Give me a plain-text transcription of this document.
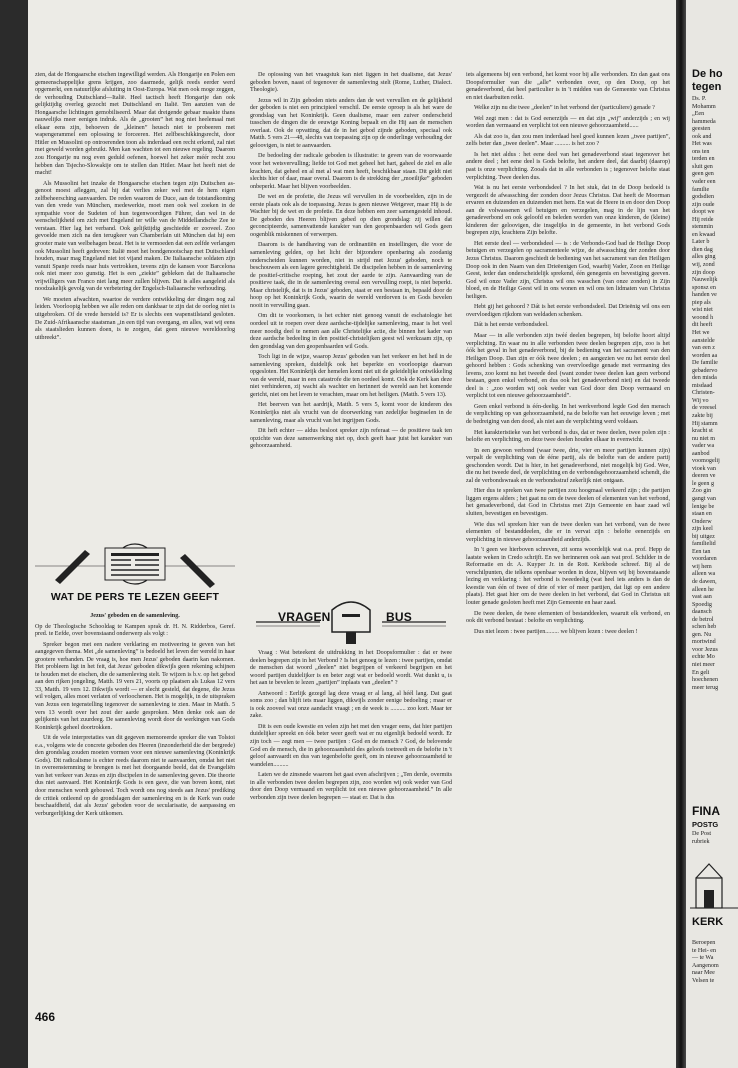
zien, dat de Hongaarsche eischen ingewilligd werden. Als Hongarije en Polen een gemeenschappelijke grens krijgen, zoo daarmede, gelijk reeds eerder werd opgemerkt, een natuurlijke afsluiting in Oost-Europa. Wat men ook moge zeggen, de verhouding Duitschland—Italië. Heel tactisch heeft Hongarije dan ook gelijktijdig overleg gezocht met Duitschland en Italië. Ten aanzien van de Hongaarsche lichtingen gemobiliseerd. Maar dat dreigende gebaar maakte thans nauwelijks meer eenigen indruk. Als de „grooten” het nog niet heelemaal met elkaar eens zijn, behoeven de „kleinen” heusch niet te probeeren met wapengerammel een oplossing te forceeren. Het zelfbeschikkingsrecht, door Hitler en Mussolini op ontroerenden toon als inderdaad een recht erkend, zal niet met geweld worden gebruikt. Men kan wachten tot een nieuwe regeling. Daarom zou Hongarije nu nog even geduld oefenen, hoewel het zeker méér recht zou hebben dan Tsjecho-Slowakije om te stellen dan Hitler. Maar het heeft niet de macht!

Als Mussolini het inzake de Hongaarsche eischen tegen zijn Duitschen as-genoot moest afleggen, zal hij dat verlies zeker wel met de hem eigen zelfbeheersching aanvaarden. De reden waarom de Duce, aan de totstandkoming van den vrede van München, medewerkte, moet men ook wel zoeken in de sympathie voor de Sudeten of hun tegenwoordigen Führer, dan wel in de wenschelijkheid om zich met Engeland ter wille van de Middellandsche Zee te verstaan. Hier lag het verband. Ook gelijktijdig geschiedde er zooveel. Zoo gevoelde men zich na den terugkeer van Chamberlain uit München dat hij een grooter mate van welbehagen bezat. Het is te vermoeden dat een zelfde verlangen ook Mussolini heeft gedreven: Italië moet het bondgenootschap met Duitschland houden, maar mag Engeland niet tot vijand maken. De Italiaansche soldaten zijn vanuit Spanje reeds naar huis vertrokken, tevens zijn de kansen voor Barcelona ook niet meer zoo gunstig. Het is een „ziekte” gebleken dat de Italiaansche vrijwilligers van Franco niet lang meer zullen blijven. Dat is alles aangeleid als noodzakelijk gevolg van de verbetering der Engelsch-Italiaansche verhouding.

We moeten afwachten, waartoe de verdere ontwikkeling der dingen nog zal leiden. Voorloopig hebben we alle reden om dankbaar te zijn dat de oorlog niet is uitgebroken. Of de vrede hersteld is? Er is slechts een wapenstilstand gesloten. De Zuid-Afrikaansche staatsman „in een tijd van overgang, en alles, wat wij eens als staatslieden kunnen doen, is te zorgen, dat geen nieuwe wereldoorlog uitbreekt”.

WAT DE PERS TE LEZEN GEEFT

Jezus' geboden en de samenleving.

Op de Theologische Schooldag te Kampen sprak dr. H. N. Ridderbos, Geref. pred. te Eefde, over bovenstaand onderwerp als volgt :

Spreker begon met een nadere verklaring en motiveering te geven van het aangegeven thema. Met „de samenleving” is bedoeld het leven der wereld in haar grootere verbanden. De vraag is, hoe men Jezus' geboden daarin kan nakomen. Het probleem ligt in het feit, dat Jezus' geboden dikwijls geen rekening schijnen te houden met de eischen, die de samenleving stelt. Te wijzen is b.v. op het gebod aan den rijken jongeling, Matth. 19 vers 21, voorts op plaatsen als Lukas 12 vers 33, Matth. 19 vers 12. Dikwijls wordt — er slecht gesteld, dat degene, die Jezus wil volgen, alles moet verlaten of verloochenen. Het is mogelijk, in de uitspraken van Jezus een tegenstelling tegenover de samenleving te zien. Maar in Matth. 5 vers 13 wordt over het zout der aarde gesproken. Men denke ook aan de gelijkenis van het zuurdeeg. De samenleving wordt door de werkingen van Gods Koninkrijk geheel doortrokken.

Uit de vele interpretaties van dit gegeven memoreerde spreker die van Tolstoi e.a., volgens wie de concrete geboden des Heeren (inzonderheid die der bergrede) den grondslag zouden moeten vormen voor een nieuwe samenleving (Koninkrijk Gods). Dit radicalisme is echter reeds daarom niet te aanvaarden, omdat het niet in overeenstemming te brengen is met het doorgaande beeld, dat de Evangeliën van het verkeer van Jezus en zijn discipelen in de samenleving geven. Die theorie dus niet aanvaard. Het Koninkrijk Gods is een gave, die van boven komt, niet door menschen wordt gebouwd. Toch wordt ons nog steeds aan Jezus' prediking de critiek ontleend op de grondslagen der samenleving en is de Kerk van oude beschaafdheid, dat als Jezus' geboden voor de secularisatie, de aanpassing en verburgerlijking der Kerk uitkomen.

466

De oplossing van het vraagstuk kan niet liggen in het dualisme, dat Jezus' geboden boven, naast of tegenover de samenleving stelt (Rome, Luther, Dialect. Theologie).

Jezus wil in Zijn geboden niets anders dan de wet vervullen en de gelijkheid der geboden is niet een principieel verschil. De eerste oproep is als het ware de grondslag van het Koninkrijk. Geen dualisme, maar een zuiver onderscheid tusschen de dingen die de eeuwige Koning bepaalt en die Hij aan de menschen overlaat. Ook de opvatting, dat de in het gebod zijnde geboden, speciaal ook Matth. 5 vers 21—48, slechts van toepassing zijn op de onderlinge verhouding der geloovigen, is niet te aanvaarden.

De bedoeling der radicale geboden is illustratie: te geven van de voorwaarde voor het wetsvervulling; liefde tot God met geheel het hart, gaheel de ziel en alle krachten, dat geheel en al met al wat men heeft, beschikbaar staan. Dit geldt niet slechts hier of daar, maar overal. Daarom is de strekking der „moeilijke” geboden onbeperkt. Maar het blijven voorbeelden.

De wet en de profetie, die Jezus wil vervullen in de voorbeelden, zijn in de eerste plaats ook als de toepassing. Jezus is geen nieuwe Wetgever, maar Hij is de Wachter bij de wet en de profetie. En deze hebben een zeer samengesteld inhoud. De geboden des Heeren blijven gebed op dien grondslag: zij willen dat geconcipieerde, samenvattende karakter van den geopenbaarden wil Gods geen oogenblik miskennen of verwerpen.

Daarom is de handhaving van de ordinantiën en instellingen, die voor de samenleving gelden, op het licht der bijzondere openbaring als zoodanig onderscheiden kunnen worden, niet in strijd met Jezus' geboden, noch te beschouwen als een lagere gerechtigheid. De discipelen hebben in de samenleving de positief-critische roeping, het zout der aarde te zijn. Aanvaarding van de positieve taak, die in de samenleving overal een vervulling roept, is niet beperkt. Maar christelijk, dat is in Jezus' geboden, staat er een bestaan in, bepaald door de hoop op het Koninkrijk Gods, waarin de wereld verdorven is en Gods bevelen nooit in vervulling gaan.

Om dit te voorkomen, is het echter niet genoeg vanuit de eschatologie het oordeel uit te roepen over deze aardsche-tijdelijke samenleving, maar is het veel meer noodig deel te nemen aan alle Christelijke actie, die binnen het kader van deze aardsche bedeeling in den positief-christelijken geest wil werkzaam zijn, op den grondslag van den geopenbaarden wil Gods.

Toch ligt in de wijze, waarop Jezus' geboden van het verkeer en het heil in de samenleving spreken, duidelijk ook het beperkte en voorloopige daarvan opgesloten. Het Koninkrijk der hemelen komt niet uit de geleidelijke ontwikkeling van de wereld, maar in een catastrofe die ten oordeel komt. Ook de Kerk kan deze niet verhinderen, zij wacht als wachter en herinnert de wereld aan het komende gericht, niet om het leven te verachten, maar om het heiligen. (Matth. 5 vers 13).

Het beerven van het aardrijk, Matth. 5 vers 5, komt voor de kinderen des Koninkrijks niet als vrucht van de doorwerking van zedelijke beginselen in de samenleving, maar als vrucht van het ingrijpen Gods.

Dit heft echter — aldus besloot spreker zijn referaat — de positieve taak ten opzichte van deze samenwerking niet op, doch geeft haar juist het karakter van gehoorzaamheid.

VRAGEN	BUS

Vraag : Wat beteekent de uitdrukking in het Doopsformulier : dat er twee deelen begrepen zijn in het Verbond ? Is het genoeg te lezen : twee partijen, omdat de menschen dat woord „deelen” niet begrijpen of verkeerd begrijpen en het woord partijen duidelijker is en beter zegt wat er bedoeld wordt. Wat dunkt u, is het aan te bevelen te lezen „partijen” inplaats van „deelen” ?

Antwoord : Eerlijk gezegd lag deze vraag er al lang, al héél lang. Dat gaat soms zoo ; dan blijft iets maar liggen, dikwijls zonder eenige bedoeling ; maar er is ook zooveel wat onze aandacht vraagt ; en de week is .......... zoo kort. Maar ter zake.

Dit is een oude kwestie en velen zijn het met den vrager eens, dat hier partijen duidelijker spreekt en óók beter weer geeft wat er nu eigenlijk bedoeld wordt. Er zijn toch — zegt men — twee partijen : God en de mensch ? God, de belovende God en de mensch, die in gehoorzaamheid des geloofs toetreedt en de belofte in 't geloof aanvaardt en dus van tegenbelofte geeft, om in nieuwe gehoorzaamheid te wandelen..........

Laten we de zinsnede waarom het gaat even afschrijven ; „Ten derde, overmits in alle verbonden twee deelen begrepen zijn, zoo worden wij ook weder van God door den Doop vermaand en verplicht tot een nieuwe gehoorzaamheid.” In alle verbonden zijn twee deelen begrepen — staat er. Dat is dus

iets algemeens bij een verbond, het komt voor bij alle verbonden. En dan gaat ons Doopsformulier van die „alle” verbonden over, op den Doop, op het genadeverbond, dat heel particulier is in 't midden van de Gemeente van Christus en niet daarbuiten reikt.

Welke zijn nu die twee „deelen” in het verbond der (particuliere) genade ?

Wel zegt men : dat is God eenerzijds — en dat zijn „wij” anderzijds ; en wij worden dan vermaand en verplicht tot een nieuwe gehoorzaamheid......

Als dat zoo is, dan zou men inderdaad heel goed kunnen lezen „twee partijen”, zelfs beter dan „twee deelen”. Maar .......... is het zoo ?

Is het niet aldus : het eene deel van het genadeverbond staat tegenover het andere deel ; het eene deel is Gods belofte, het andere deel, dat daarbij (daarop) past is onze verplichting. Zooals dat in alle verbonden is ; tegenover belofte staat verplichting. Twee deelen dus.

Wat is nu het eerste verbondsdeel ? In het stuk, dat in de Doop bedoeld is vergezelt de afwassching der zonden door Jezus Christus. Dat heeft de Moorman ervaren en duizenden en duizenden met hem. En wat de Heere in en door den Doop aan de volwassenen wil betuigen en verzegelen, mag in de lijn van het genadeverbond en ook geloofd en beleden worden van onze kinderen, de (kleine) kinderen der geloovigen, die insgelijks in de gemeente, in het verbond Gods begrepen zijn, krachtens Zijn belofte.

Het eerste deel — verbondsdeel — is : de Verbonds-God bad de Heilige Doop betuigen en verzegelen op sacramenteele wijze, de afwassching der zonden door Jezus Christus. Daarom geschiedt de bediening van het sacrament van den Heiligen Doop ook in den Naam van den Drieëenigen God, waarbij Vader, Zoon en Heilige Geest, ieder dan onderscheidelijk sprekend, één genegenis en bevestiging geeven. God wil onze Vader zijn, Christus wil ons wasschen (van onze zonden) in Zijn bloed, en de Heilige Geest wil in ons wonen en wil ons ten lidmaten van Christus heiligen.

Hebt gij het gehoord ? Dát is het eerste verbondsdeel. Dat Drieënig wil ons een overvloedigen rijkdom van weldaden schenken.

Dát is het eerste verbondsdeel.

Maar — in alle verbonden zijn twéé deelen begrepen, bij belofte hoort altijd verplichting. En waar nu in alle verbonden twee deelen begrepen zijn, zoo is het óók het geval in het genadeverbond, bij de bediening van het sacrament van den Heiligen Doop. Dan zijn er óók twee deelen ; en aangezien we nu het eerste deel gehoord hebben : Gods schenking van overvloedige genade met vermaning des levens, zoo komt nu het tweede deel (want zonder twee deelen kan geen verbond bestaan, geen enkel verbond, en dus ook het genadeverbond niet) en dat tweede deel is : „zoo worden wij ook weder van God door den Doop vermaand en verplicht tot een nieuwe gehoorzaamheid”.

Geen enkel verbond is één-deelig. In het werkverbond legde God den mensch de verplichting op van gehoorzaamheid, na de belofte van het eeuwige leven ; met de bedreiging van den dood, als niet aan de verplichting werd voldaan.

Het karakteristieke van het verbond is dus, dat er twee deelen, twee polen zijn : belofte en verplichting, en deze twee deelen houden elkaar in evenwicht.

In een gewoon verbond (waar twee, drie, vier en meer partijen kunnen zijn) verpalt de verplichting van de ééne partij, als de belofte van de andere partij geschonden wordt. Dat is hier, in het genadeverbond, niet mogelijk bij God. Wee, die nu het tweede deel, de verplichting en de verbondsgehoorzaamheid schendt, die zal de verbondswraak en de verbondsstraf zekerlijk niet ontgaan.

Hier dus te spreken van twee partijen zou hoogmaal verkeerd zijn ; die partijen liggen ergens alders ; het gaat nu om de twee deelen of elementen van het verbond, het genadeverbond, dat God in Christus met Zijn Gemeente en haar zaad wil sluiten, bevestigen en bevestigen.

Wie dus wil spreken hier van de twee deelen van het verbond, van de twee elementen of bestanddeelen, die er in vervat zijn : belofte eenerzijds en verplichting in nieuwe gehoorzaamheid anderzijds.

In 't geen we hierboven schreven, zit soms woordelijk wat o.a. prof. Hepp de laatste weken in Credo schrijft. En we herinneren ook aan wat prof. Schilder in de Reformatie en dr. A. Kuyper Jr. in de Rott. Kerkbode schreef. Bij al de verschilpunten, die telkens openbaar worden in deze, blijven wij bij bovenstaande lezing en verklaring : het verbond is tweedeelig (wat heel iets anders is dan de kwestie van één of twee of drie of vier of meer partijen, dat ligt op een andere plaats). Het gaat hier om de twee deelen in het verbond, dat God in Christus uit louter genade gesloten heeft met Zijn Gemeente en haar zaad.

De twee deelen, de twee elementen of bestanddeelen, waaruit elk verbond, en ook dit verbond bestaat : belofte en verplichting.

Dus niet lezen : twee partijen......... we blijven lezen : twee deelen !

De ho
tegen
Ds. P.
Mohamm
„Een
hammeda
geesten
ook and
Het was
ons ten
terden en
sluit gen
geen gen
vader een
familie
godsdien
zijn oude
doopt we
Hij reide
stemmin
en kwaad
Later b
dien dag
alles ging
wij, zond
zijn doop
Nauwelijk
sponsz en
handen ve
piep als
wist niet
woond h
dit heeft
Het we
aanstelde
van een z
worden aa
De familie
gebadervo
den misda
misdaad
Christen-
Wij vo
de vreesel
zakte bij
Hij stamm
kracht st
nu niet m
vader wa
aanbod
voomogelij
vioek van
deeren ve
le geen g
Zoo gin
gangt van
lenige be
staan en
Onderw
zijn keel
bij uitgez
familielid
Een tan
voordaren
wij hem
alleen wa
de dawen,
alleen he
vast aan
Spoedig
daansch
de betrol
schen heb
gen. Nu
mortwind
voor Jezus
echte Mo
niet meer
En geli
hoechenen
meer terug
FINA
POSTG
De Post
rubriek
KERK
Beroepen
te Hei- en
— te Wa
Aangenom
naar Mee
Velsen te
